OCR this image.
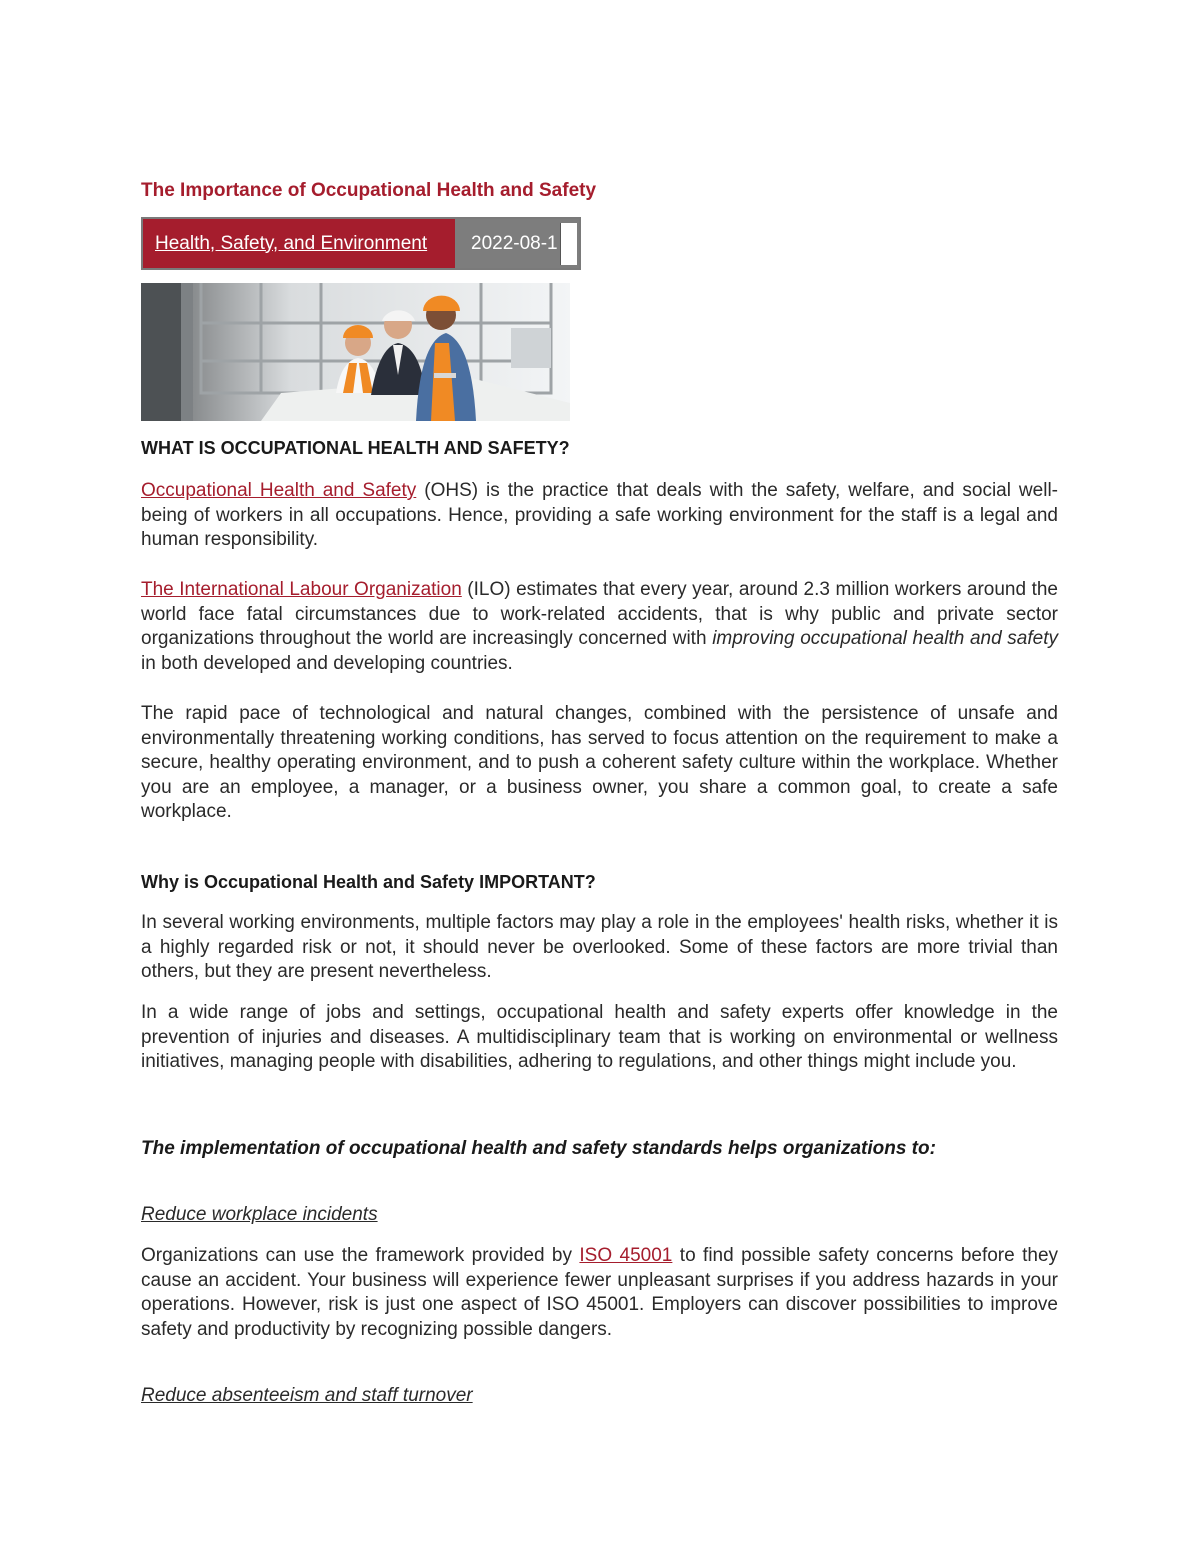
The Importance of Occupational Health and Safety
Health, Safety, and Environment	2022-08-1
WHAT IS OCCUPATIONAL HEALTH AND SAFETY?

Occupational Health and Safety (OHS) is the practice that deals with the safety, welfare, and social well-being of workers in all occupations. Hence, providing a safe working environment for the staff is a legal and human responsibility.

The International Labour Organization (ILO) estimates that every year, around 2.3 million workers around the world face fatal circumstances due to work-related accidents, that is why public and private sector organizations throughout the world are increasingly concerned with improving occupational health and safety in both developed and developing countries.

The rapid pace of technological and natural changes, combined with the persistence of unsafe and environmentally threatening working conditions, has served to focus attention on the requirement to make a secure, healthy operating environment, and to push a coherent safety culture within the workplace. Whether you are an employee, a manager, or a business owner, you share a common goal, to create a safe workplace.

Why is Occupational Health and Safety IMPORTANT?

In several working environments, multiple factors may play a role in the employees' health risks, whether it is a highly regarded risk or not, it should never be overlooked. Some of these factors are more trivial than others, but they are present nevertheless.

In a wide range of jobs and settings, occupational health and safety experts offer knowledge in the prevention of injuries and diseases. A multidisciplinary team that is working on environmental or wellness initiatives, managing people with disabilities, adhering to regulations, and other things might include you.

The implementation of occupational health and safety standards helps organizations to:

Reduce workplace incidents

Organizations can use the framework provided by ISO 45001 to find possible safety concerns before they cause an accident. Your business will experience fewer unpleasant surprises if you address hazards in your operations. However, risk is just one aspect of ISO 45001. Employers can discover possibilities to improve safety and productivity by recognizing possible dangers.

Reduce absenteeism and staff turnover
